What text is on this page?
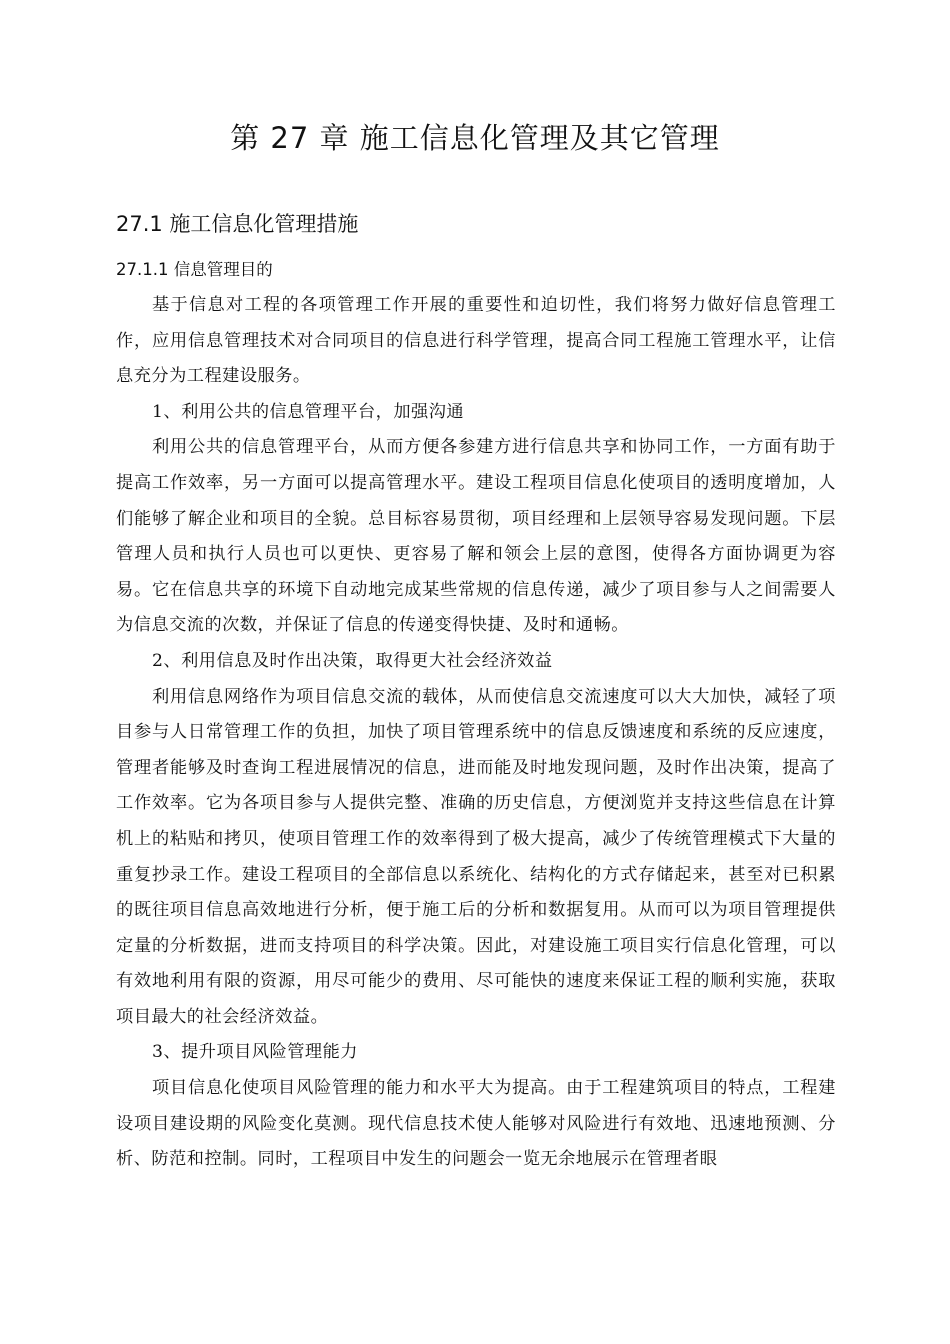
第 27 章 施工信息化管理及其它管理
27.1 施工信息化管理措施
27.1.1 信息管理目的

基于信息对工程的各项管理工作开展的重要性和迫切性，我们将努力做好信息管理工作，应用信息管理技术对合同项目的信息进行科学管理，提高合同工程施工管理水平，让信息充分为工程建设服务。

1、利用公共的信息管理平台，加强沟通

利用公共的信息管理平台，从而方便各参建方进行信息共享和协同工作，一方面有助于提高工作效率，另一方面可以提高管理水平。建设工程项目信息化使项目的透明度增加，人们能够了解企业和项目的全貌。总目标容易贯彻，项目经理和上层领导容易发现问题。下层管理人员和执行人员也可以更快、更容易了解和领会上层的意图，使得各方面协调更为容易。它在信息共享的环境下自动地完成某些常规的信息传递，减少了项目参与人之间需要人为信息交流的次数，并保证了信息的传递变得快捷、及时和通畅。

2、利用信息及时作出决策，取得更大社会经济效益

利用信息网络作为项目信息交流的载体，从而使信息交流速度可以大大加快，减轻了项目参与人日常管理工作的负担，加快了项目管理系统中的信息反馈速度和系统的反应速度，管理者能够及时查询工程进展情况的信息，进而能及时地发现问题，及时作出决策，提高了工作效率。它为各项目参与人提供完整、准确的历史信息，方便浏览并支持这些信息在计算机上的粘贴和拷贝，使项目管理工作的效率得到了极大提高，减少了传统管理模式下大量的重复抄录工作。建设工程项目的全部信息以系统化、结构化的方式存储起来，甚至对已积累的既往项目信息高效地进行分析，便于施工后的分析和数据复用。从而可以为项目管理提供定量的分析数据，进而支持项目的科学决策。因此，对建设施工项目实行信息化管理，可以有效地利用有限的资源，用尽可能少的费用、尽可能快的速度来保证工程的顺利实施，获取项目最大的社会经济效益。

3、提升项目风险管理能力

项目信息化使项目风险管理的能力和水平大为提高。由于工程建筑项目的特点，工程建设项目建设期的风险变化莫测。现代信息技术使人能够对风险进行有效地、迅速地预测、分析、防范和控制。同时，工程项目中发生的问题会一览无余地展示在管理者眼
